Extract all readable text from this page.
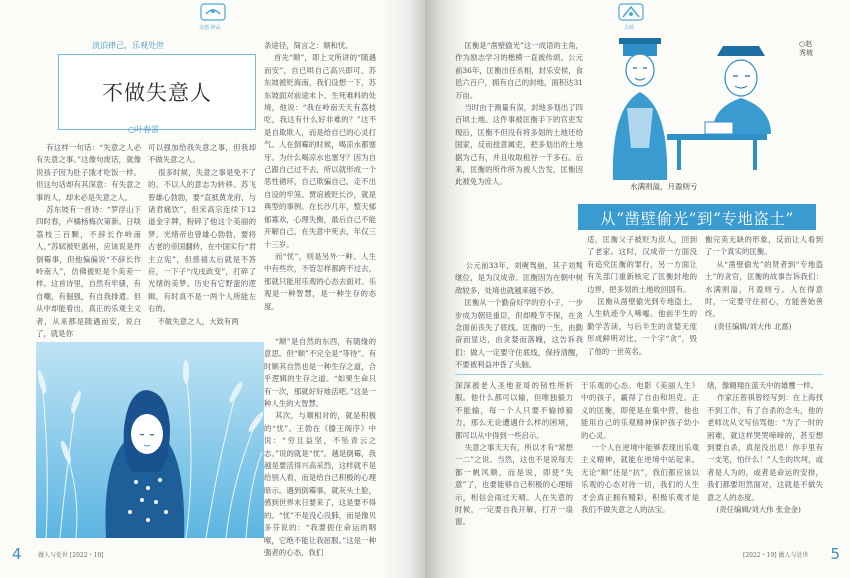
美德·修品
淡泊律己，乐观处世
不做失意人
○叶春雷
有这样一句话：“失意之人必有失意之事。”这像句废话，就像说孩子因为肚子饿才吃饭一样。但这句话却有其深意：有失意之事的人，却未必是失意之人。
苏东坡有一首诗：“罗浮山下四时春，卢橘杨梅次第新。日啖荔枝三百颗，不辞长作岭南人。”苏轼被贬惠州，应该说是件倒霉事，但他偏偏说“不辞长作岭南人”，仿佛被贬是个美差一样。这首诗里，自然有牢骚，有自嘲，有倔强，有自我排遣。但从中却能看出，真正的乐观主义者，从来都是随遇而安，说白了，就是你
可以强加给我失意之事，但我却不做失意之人。
很多时候，失意之事是免不了的。不以人的意志为转移。苏飞曾雄心勃勃，要“直抵黄龙府，与诸君痛饮”，但宋高宗连续下12道金字牌，粉碎了他这个美丽的梦。光绪帝也曾雄心勃勃，要将古老的帝国翻转，在中国实行“君主立宪”，但慈禧太后就是不答应，一下子“戊戌政变”，打碎了光绪的美梦。历史有它野蛮的逻辑，有时真不是一两个人所能左右的。
不做失意之人，大致有两
条途径，简言之：顺和忧。
首先“顺”，即上文所讲的“随遇而安”，自已哄自己高兴即可。苏东坡被贬海南，我们设想一下，苏东坡面对前途未卜、生死难料的处境，他说：“我在岭南天天有荔枝吃，我这有什么好非难的？”这不是自欺欺人，而是给自已的心灵打气。人在倒霉的时候，喝凉水都塞牙。为什么喝凉水也塞牙？因为自己跟自己过不去，所以就形成一个恶性循环，自己欺骗自己，走不出自设的牢笼。贾谊被贬长沙，就是典型的事例。在长沙几年，整天郁郁寡欢，心理失衡，最后自己不能开解自己，在失意中死去，年仅三十三岁。
而“忧”，则是另外一种。人生中有些坎，不管怎样都跨不过去，那就只能用乐观的心态去面对。乐观是一种智慧，是一种生存的态度。
“顺”是自然的东西，有随缘的意思。但“顺”不完全是“等待”。有时顺其自然也是一种生存之道，合乎逻辑的生存之道。“如果生命只有一次，那就好好地活吧。”这是一种人生的大智慧。
其次，与顺相对的，就是积极的“忧”。王勃在《滕王阁序》中说：“穷且益坚，不坠青云之志。”说的就是“忧”。越是倒霉，我越是要活得兴高采烈，这样就不是给别人看，而是给自己积极的心理暗示。遇到倒霉事，就灰头土脸，感到世界末日要来了，这是要不得的。“忧”不是没心没肺，而是像贝多芬说的：“我要扼住命运的咽喉，它绝不能让我屈服。”这是一种强者的心态，我们
4	做人与处世 [2022・19]
点睛
匡衡是“凿壁偷光”这一成语的主角，作为励志学习的楷模一直被传颂。公元前36年，匡衡出任丞相，封乐安侯，食邑六百户，拥有自己的封地，面积达31万亩。
当时由于测量有误，封地多划出了四百顷土地。这件事被匡衡手下的官吏发现后，匡衡不但没有将多划的土地还给国家，反而授意属吏，把多划出的土地据为己有，并且收取租谷一千多石。后来，匡衡的所作所为被人告发，匡衡因此被免为庶人。
公元前33年，刘奭驾崩，其子刘骜继位，是为汉成帝。匡衡因为在朝中树敌较多，处境也就越来越不妙。
匡衡从一个勤奋好学的穷小子，一步步成为朝廷重臣，但却晚节不保，在贪念面前丧失了底线。匡衡的一生，由勤奋而显达，由贪婪而落魄，这告诉我们：做人一定要守住底线，保持清醒，不要被利益冲昏了头脑。
○赵秀坡
水满则溢，月盈则亏
从“凿壁偷光”到“专地盗土”
适，匡衡父子被贬为庶人，回到了老家。这时，汉成帝一方面没有追究匡衡的罪行，另一方面让有关部门重新核定了匡衡封地的边界，把多划的土地收回国有。
匡衡从凿壁偷光到专地盗土，人生轨迹令人唏嘘。他前半生的勤学苦读，与后半生的贪婪无度形成鲜明对比，一个字“贪”，毁了他的一世英名。
衡完美无缺的形象，反而让人看到了一个真实的匡衡。
从“凿壁偷光”的贤者到“专地盗土”的贪官，匡衡的故事告诉我们：水满则溢，月盈则亏。人在得意时，一定要守住初心，方能善始善终。
(责任编辑/刘大伟 北熹)
深深被老人圣地亚哥的韧性所折服。他什么都可以输，但唯独毅力不能输，每一个人只要不输掉毅力，那么无论遭遇什么样的困境，都可以从中得到一些启示。
失意之事天天有，所以才有“常想一二”之说。当然，这也不是说每天都一帆风顺，而是说，即使“失意”了，也要能够自己积极的心理暗示，相信会雨过天晴。人在失意的时候，一定要自我开解，打开一扇窗。
于乐观的心态。电影《美丽人生》中的孩子，赢得了自由和坦克。正义的匡衡，即使是在集中营，他也能用自己的乐观精神保护孩子幼小的心灵。
一个人在逆境中能够表现出乐观主义精神，就能在逆境中站起来。无论“顺”还是“抗”，我们都应该以乐观的心态对待一切，我们的人生才会真正拥有精彩，积极乐观才是我们不做失意之人的法宝。
绪，像翱翔在蓝天中的雄鹰一样。
作家汪曾祺曾经写到：在上海找不到工作，有了自杀的念头，他的老师沈从文写信骂他：“为了一时的困难，就这样哭哭啼啼的，甚至想到要自杀，真是没出息！你手里有一支笔，怕什么！”人生的坎坷，或者是人为的，或者是命运的安排，我们都要坦然面对，这就是不做失意之人的态度。
(责任编辑/刘大伟 张金金)
[2022・19] 做人与处世 5
